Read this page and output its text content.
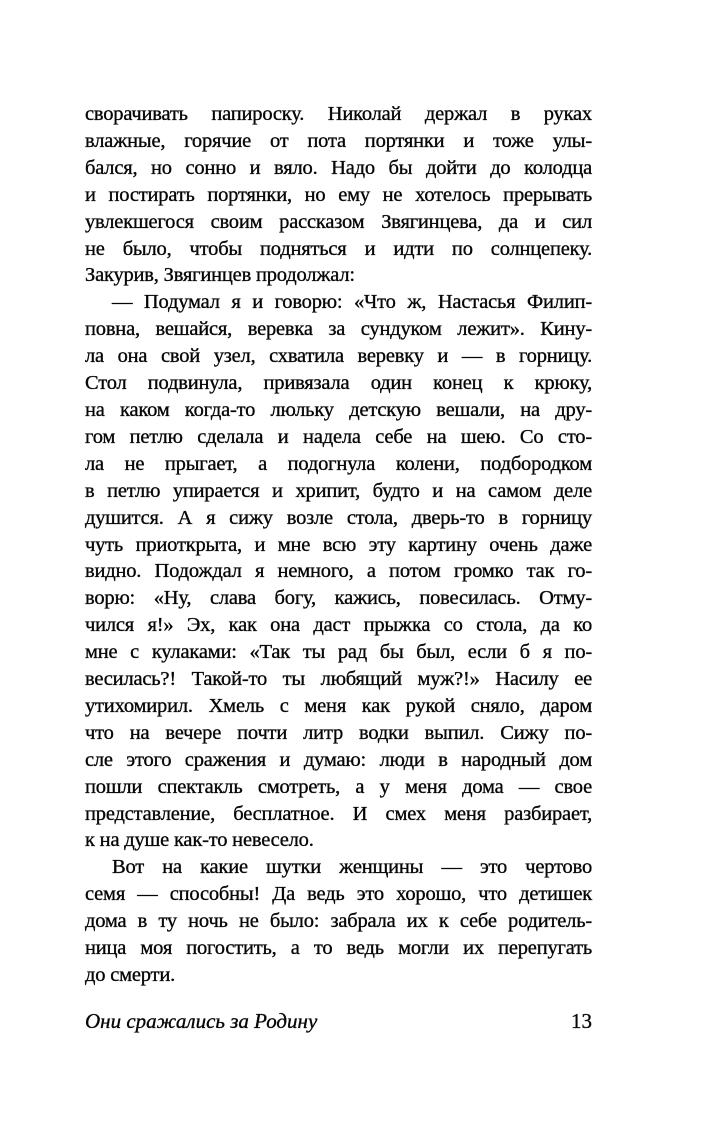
сворачивать папироску. Николай держал в руках
влажные, горячие от пота портянки и тоже улы-
бался, но сонно и вяло. Надо бы дойти до колодца
и постирать портянки, но ему не хотелось прерывать
увлекшегося своим рассказом Звягинцева, да и сил
не было, чтобы подняться и идти по солнцепеку.
Закурив, Звягинцев продолжал:
— Подумал я и говорю: «Что ж, Настасья Филип-
повна, вешайся, веревка за сундуком лежит». Кину-
ла она свой узел, схватила веревку и — в горницу.
Стол подвинула, привязала один конец к крюку,
на каком когда-то люльку детскую вешали, на дру-
гом петлю сделала и надела себе на шею. Со сто-
ла не прыгает, а подогнула колени, подбородком
в петлю упирается и хрипит, будто и на самом деле
душится. А я сижу возле стола, дверь-то в горницу
чуть приоткрыта, и мне всю эту картину очень даже
видно. Подождал я немного, а потом громко так го-
ворю: «Ну, слава богу, кажись, повесилась. Отму-
чился я!» Эх, как она даст прыжка со стола, да ко
мне с кулаками: «Так ты рад бы был, если б я по-
весилась?! Такой-то ты любящий муж?!» Насилу ее
утихомирил. Хмель с меня как рукой сняло, даром
что на вечере почти литр водки выпил. Сижу по-
сле этого сражения и думаю: люди в народный дом
пошли спектакль смотреть, а у меня дома — свое
представление, бесплатное. И смех меня разбирает,
к на душе как-то невесело.
Вот на какие шутки женщины — это чертово
семя — способны! Да ведь это хорошо, что детишек
дома в ту ночь не было: забрала их к себе родитель-
ница моя погостить, а то ведь могли их перепугать
до смерти.
Они сражались за Родину	13
